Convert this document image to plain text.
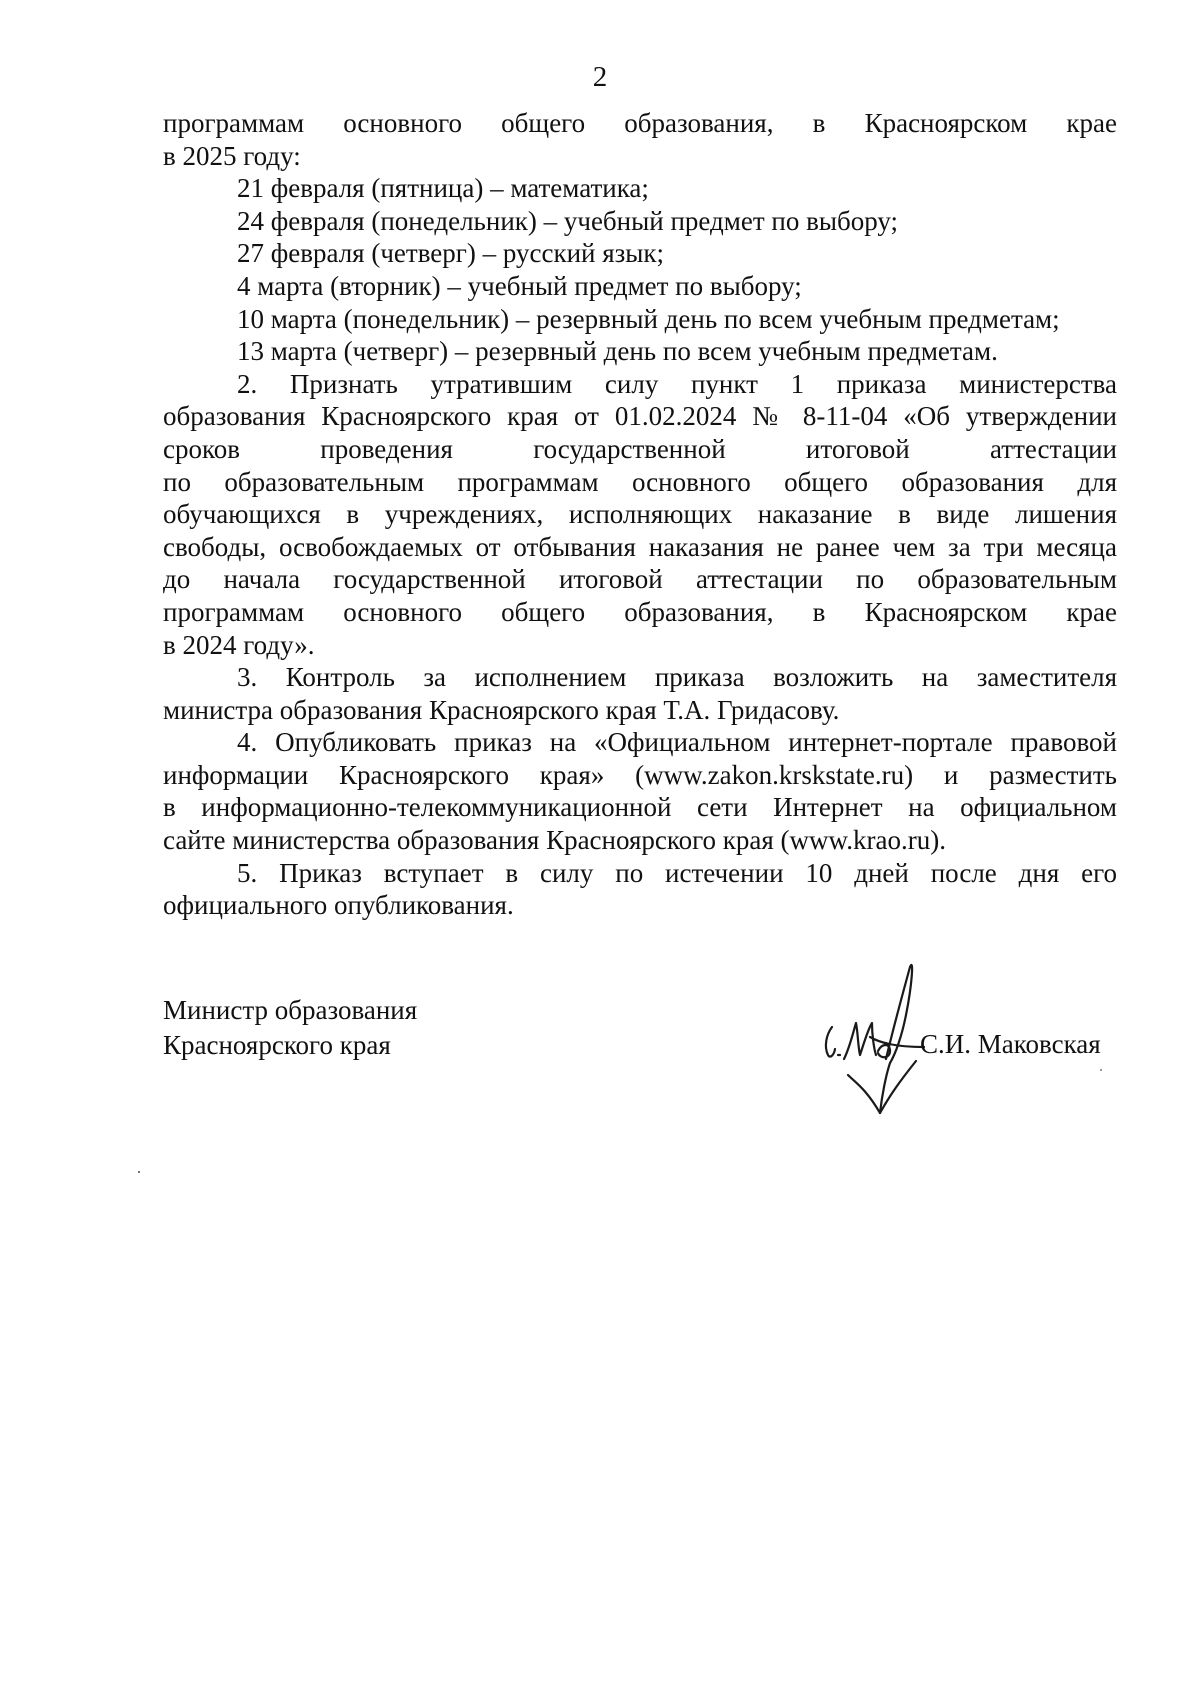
2
программам основного общего образования, в Красноярском крае
в 2025 году:

21 февраля (пятница) – математика;

24 февраля (понедельник) – учебный предмет по выбору;

27 февраля (четверг) – русский язык;

4 марта (вторник) – учебный предмет по выбору;

10 марта (понедельник) – резервный день по всем учебным предметам;

13 марта (четверг) – резервный день по всем учебным предметам.

2. Признать утратившим силу пункт 1 приказа министерства
образования Красноярского края от 01.02.2024 № 8-11-04 «Об утверждении
сроков проведения государственной итоговой аттестации
по образовательным программам основного общего образования для
обучающихся в учреждениях, исполняющих наказание в виде лишения
свободы, освобождаемых от отбывания наказания не ранее чем за три месяца
до начала государственной итоговой аттестации по образовательным
программам основного общего образования, в Красноярском крае
в 2024 году».
3. Контроль за исполнением приказа возложить на заместителя
министра образования Красноярского края Т.А. Гридасову.
4. Опубликовать приказ на «Официальном интернет-портале правовой
информации Красноярского края» (www.zakon.krskstate.ru) и разместить
в информационно-телекоммуникационной сети Интернет на официальном
сайте министерства образования Красноярского края (www.krao.ru).
5. Приказ вступает в силу по истечении 10 дней после дня его
официального опубликования.
Министр образования
Красноярского края	С.И. Маковская
